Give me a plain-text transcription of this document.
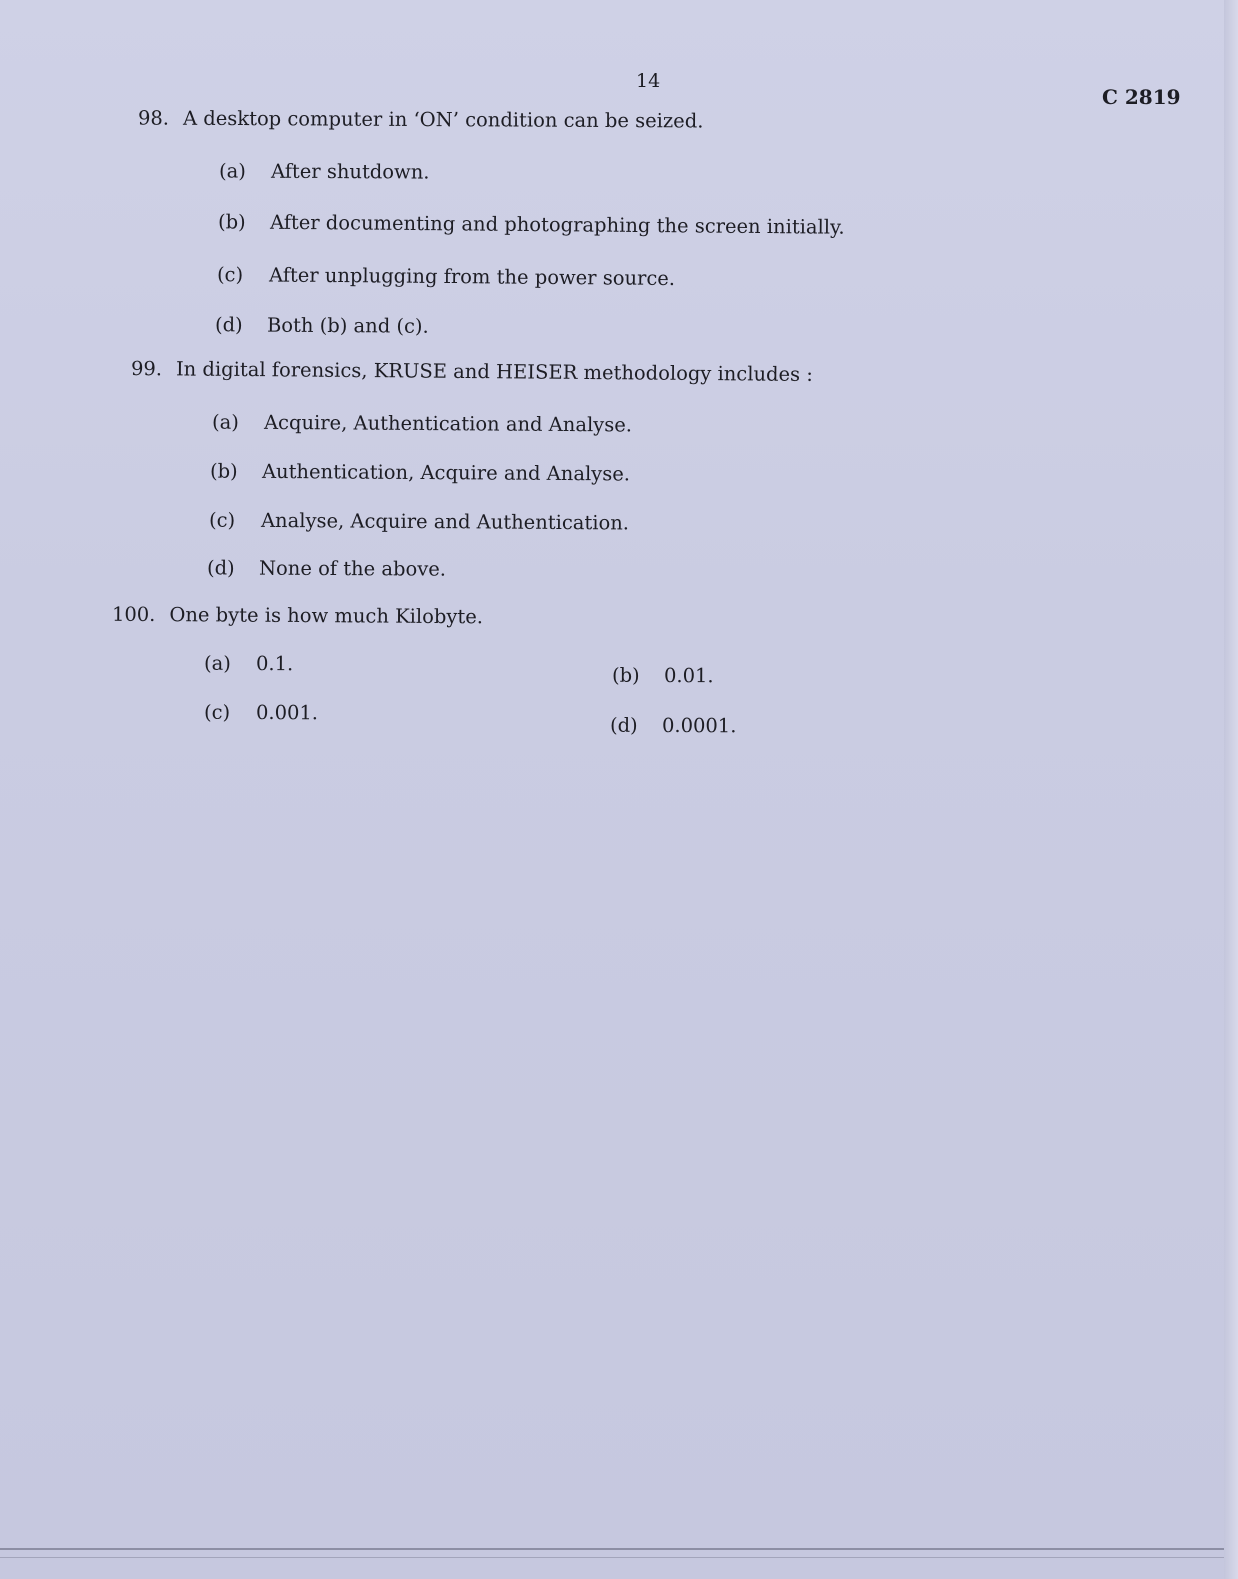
14
C 2819
98. A desktop computer in ‘ON’ condition can be seized.
(a) After shutdown.
(b) After documenting and photographing the screen initially.
(c) After unplugging from the power source.
(d) Both (b) and (c).
99. In digital forensics, KRUSE and HEISER methodology includes :
(a) Acquire, Authentication and Analyse.
(b) Authentication, Acquire and Analyse.
(c) Analyse, Acquire and Authentication.
(d) None of the above.
100. One byte is how much Kilobyte.
(a) 0.1.
(b) 0.01.
(c) 0.001.
(d) 0.0001.
